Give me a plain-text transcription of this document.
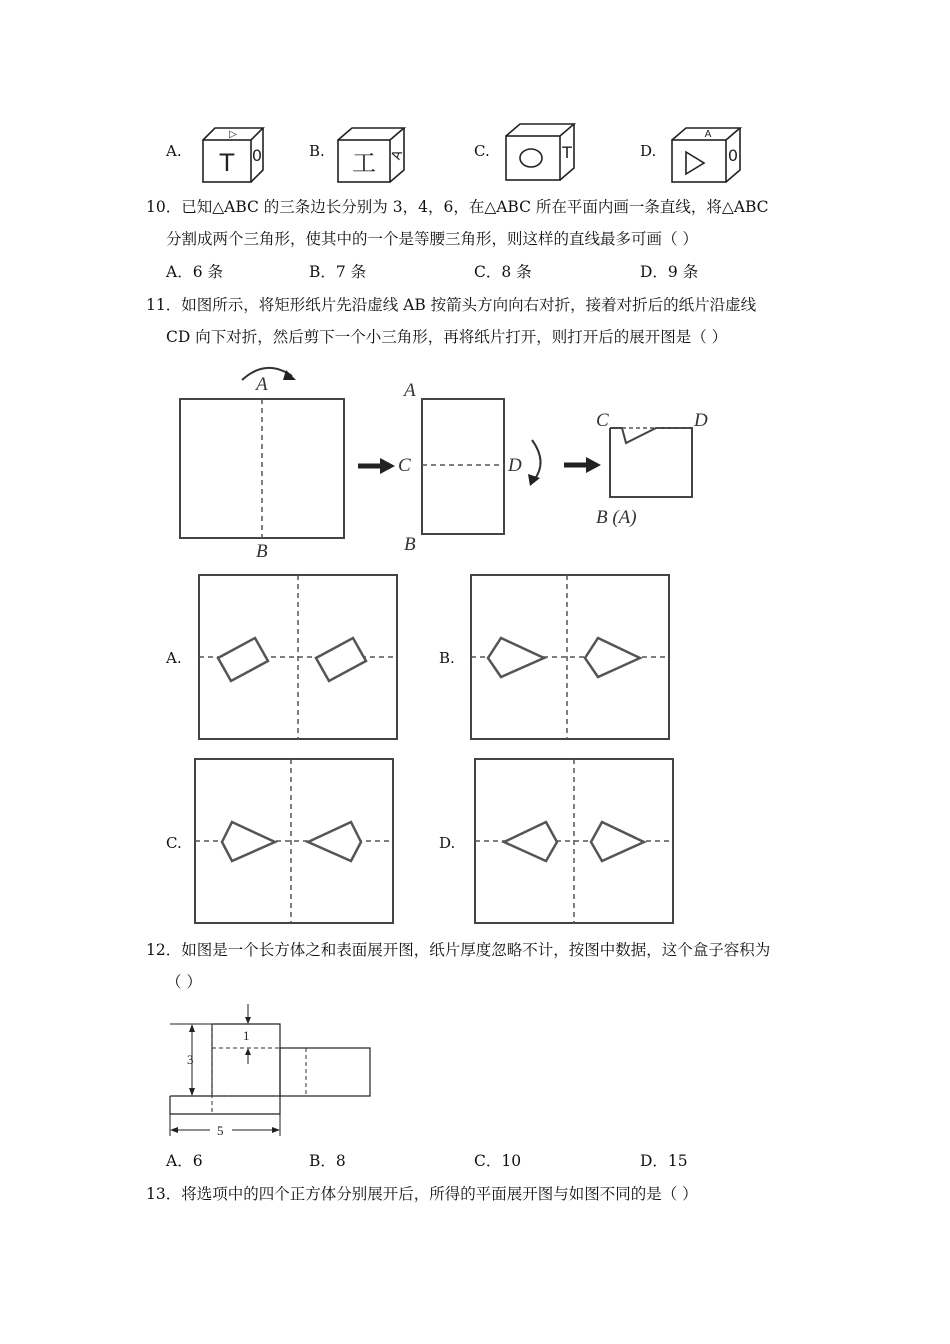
A. T 0
▷
B. 工 A	C.	T	D.	0
A
10．已知△ABC 的三条边长分别为 3，4，6，在△ABC 所在平面内画一条直线，将△ABC
分割成两个三角形，使其中的一个是等腰三角形，则这样的直线最多可画（ ）
A．6 条	B．7 条	C．8 条	D．9 条
11．如图所示，将矩形纸片先沿虚线 AB 按箭头方向向右对折，接着对折后的纸片沿虚线
CD 向下对折，然后剪下一个小三角形，再将纸片打开，则打开后的展开图是（ ）
A
B
A
C	D
B
C	D
B (A)
A.	B.
C.	D.
12．如图是一个长方体之和表面展开图，纸片厚度忽略不计，按图中数据，这个盒子容积为
（ ）
3
1
5
A．6	B．8	C．10	D．15
13．将选项中的四个正方体分别展开后，所得的平面展开图与如图不同的是（ ）
